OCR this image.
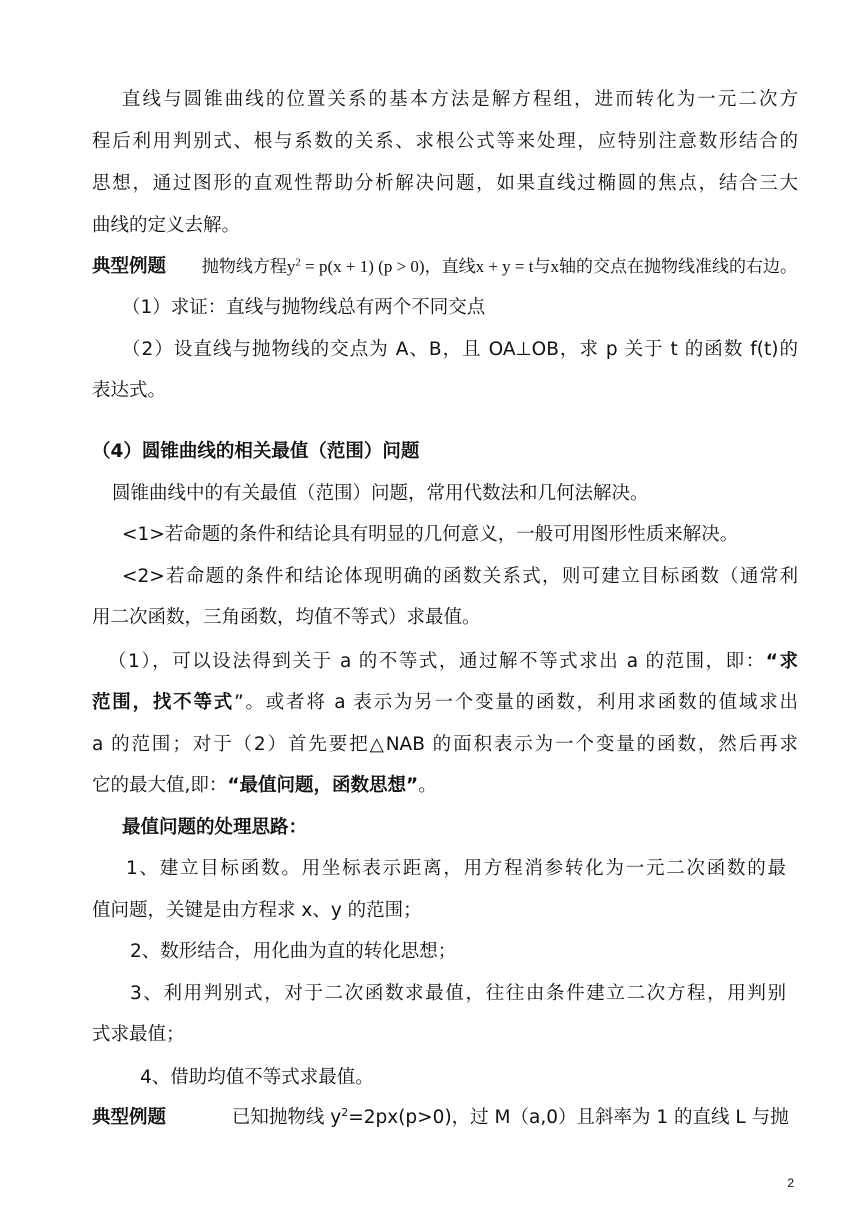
直线与圆锥曲线的位置关系的基本方法是解方程组，进而转化为一元二次方
程后利用判别式、根与系数的关系、求根公式等来处理，应特别注意数形结合的
思想，通过图形的直观性帮助分析解决问题，如果直线过椭圆的焦点，结合三大
曲线的定义去解。
典型例题 抛物线方程$y^2 = p(x + 1) (p > 0)$，直线x + y = t与x轴的交点在抛物线准线的右边。
（1）求证：直线与抛物线总有两个不同交点
（2）设直线与抛物线的交点为 A、B，且 OA⊥OB，求 p 关于 t 的函数 f(t)的
表达式。
（4）圆锥曲线的相关最值（范围）问题
圆锥曲线中的有关最值（范围）问题，常用代数法和几何法解决。
<1>若命题的条件和结论具有明显的几何意义，一般可用图形性质来解决。
<2>若命题的条件和结论体现明确的函数关系式，则可建立目标函数（通常利
用二次函数，三角函数，均值不等式）求最值。
（1），可以设法得到关于 a 的不等式，通过解不等式求出 a 的范围，即：“求
范围，找不等式”。或者将 a 表示为另一个变量的函数，利用求函数的值域求出
a 的范围；对于（2）首先要把△NAB 的面积表示为一个变量的函数，然后再求
它的最大值,即：“最值问题，函数思想”。
最值问题的处理思路：
1、建立目标函数。用坐标表示距离，用方程消参转化为一元二次函数的最
值问题，关键是由方程求 x、y 的范围；
2、数形结合，用化曲为直的转化思想；
3、利用判别式，对于二次函数求最值，往往由条件建立二次方程，用判别
式求最值；
4、借助均值不等式求最值。
典型例题	已知抛物线 $y^2=2px(p>0)$，过 M（a,0）且斜率为 1 的直线 L 与抛
2
